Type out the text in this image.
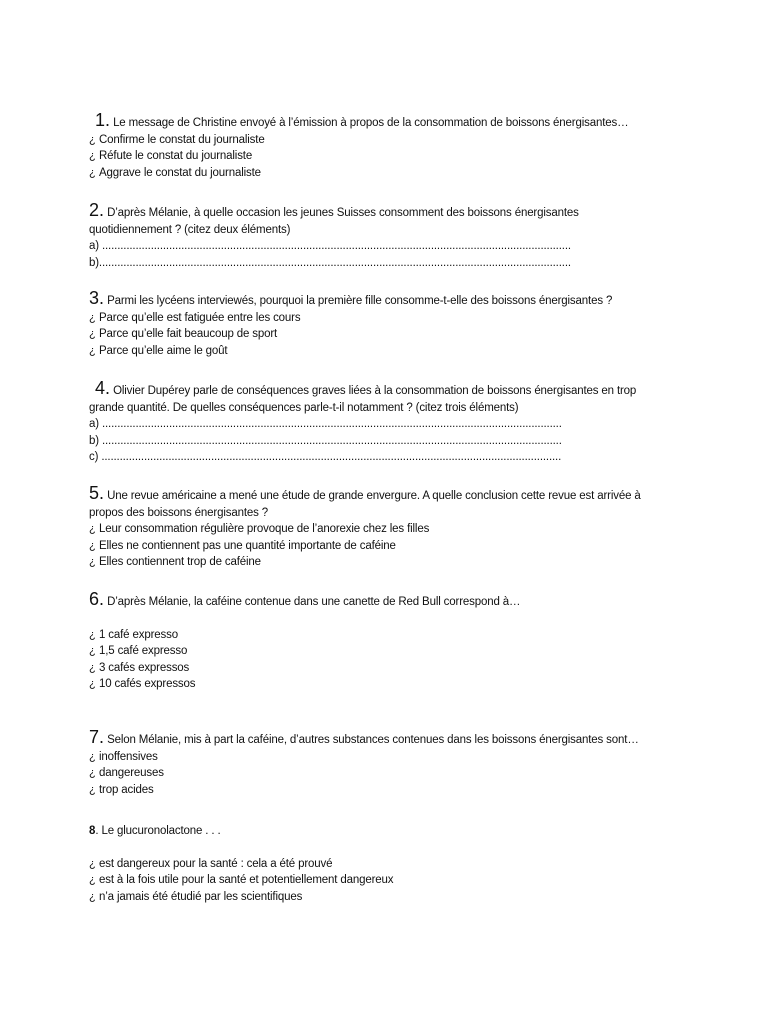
1. Le message de Christine envoyé à l’émission à propos de la consommation de boissons énergisantes…
¿ Confirme le constat du journaliste
¿ Réfute le constat du journaliste
¿ Aggrave le constat du journaliste
2. D’après Mélanie, à quelle occasion les jeunes Suisses consomment des boissons énergisantes
quotidiennement ? (citez deux éléments)
a) ..........................................................................................................................................................
b)...........................................................................................................................................................
3. Parmi les lycéens interviewés, pourquoi la première fille consomme-t-elle des boissons énergisantes ?
¿ Parce qu’elle est fatiguée entre les cours
¿ Parce qu’elle fait beaucoup de sport
¿ Parce qu’elle aime le goût
4. Olivier Dupérey parle de conséquences graves liées à la consommation de boissons énergisantes en trop
grande quantité. De quelles conséquences parle-t-il notamment ? (citez trois éléments)
a) .......................................................................................................................................................
b) .......................................................................................................................................................
c) .......................................................................................................................................................
5. Une revue américaine a mené une étude de grande envergure. A quelle conclusion cette revue est arrivée à
propos des boissons énergisantes ?
¿ Leur consommation régulière provoque de l’anorexie chez les filles
¿ Elles ne contiennent pas une quantité importante de caféine
¿ Elles contiennent trop de caféine
6. D’après Mélanie, la caféine contenue dans une canette de Red Bull correspond à…
¿ 1 café expresso
¿ 1,5 café expresso
¿ 3 cafés expressos
¿ 10 cafés expressos
7. Selon Mélanie, mis à part la caféine, d’autres substances contenues dans les boissons énergisantes sont…
¿ inoffensives
¿ dangereuses
¿ trop acides
8. Le glucuronolactone . . .
¿ est dangereux pour la santé : cela a été prouvé
¿ est à la fois utile pour la santé et potentiellement dangereux
¿ n’a jamais été étudié par les scientifiques
